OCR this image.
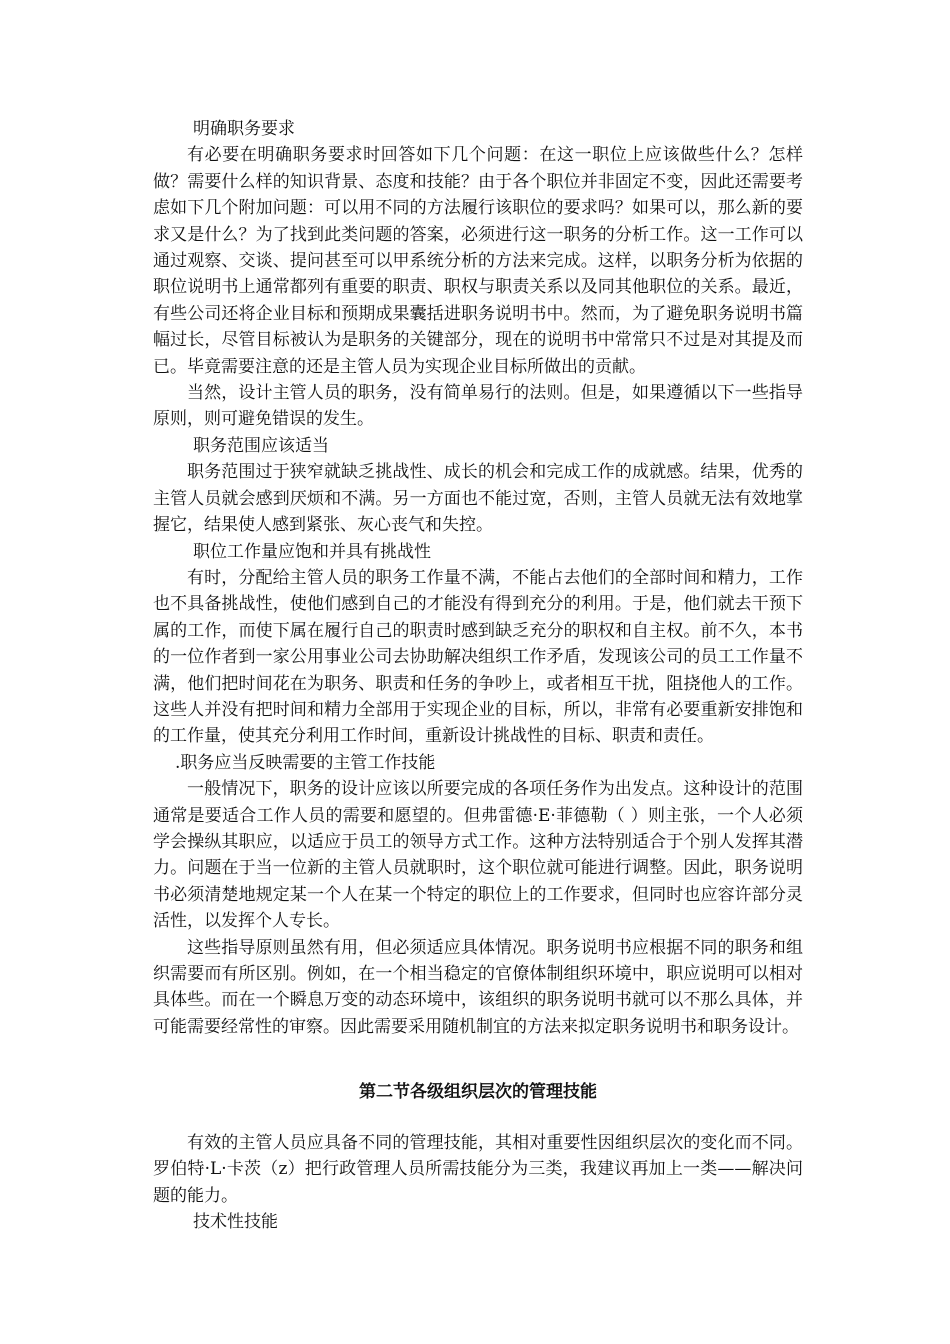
明确职务要求

有必要在明确职务要求时回答如下几个问题：在这一职位上应该做些什么？怎样做？需要什么样的知识背景、态度和技能？由于各个职位并非固定不变，因此还需要考虑如下几个附加问题：可以用不同的方法履行该职位的要求吗？如果可以，那么新的要求又是什么？为了找到此类问题的答案，必须进行这一职务的分析工作。这一工作可以通过观察、交谈、提问甚至可以甲系统分析的方法来完成。这样，以职务分析为依据的职位说明书上通常都列有重要的职责、职权与职责关系以及同其他职位的关系。最近，有些公司还将企业目标和预期成果囊括进职务说明书中。然而，为了避免职务说明书篇幅过长，尽管目标被认为是职务的关键部分，现在的说明书中常常只不过是对其提及而已。毕竟需要注意的还是主管人员为实现企业目标所做出的贡献。

当然，设计主管人员的职务，没有简单易行的法则。但是，如果遵循以下一些指导原则，则可避免错误的发生。

职务范围应该适当

职务范围过于狭窄就缺乏挑战性、成长的机会和完成工作的成就感。结果，优秀的主管人员就会感到厌烦和不满。另一方面也不能过宽，否则，主管人员就无法有效地掌握它，结果使人感到紧张、灰心丧气和失控。

职位工作量应饱和并具有挑战性

有时，分配给主管人员的职务工作量不满，不能占去他们的全部时间和精力，工作也不具备挑战性，使他们感到自己的才能没有得到充分的利用。于是，他们就去干预下属的工作，而使下属在履行自己的职责时感到缺乏充分的职权和自主权。前不久，本书的一位作者到一家公用事业公司去协助解决组织工作矛盾，发现该公司的员工工作量不满，他们把时间花在为职务、职责和任务的争吵上，或者相互干扰，阻挠他人的工作。这些人并没有把时间和精力全部用于实现企业的目标，所以，非常有必要重新安排饱和的工作量，使其充分利用工作时间，重新设计挑战性的目标、职责和责任。

.职务应当反映需要的主管工作技能

一般情况下，职务的设计应该以所要完成的各项任务作为出发点。这种设计的范围通常是要适合工作人员的需要和愿望的。但弗雷德·E·菲德勒（ ）则主张，一个人必须学会操纵其职应，以适应于员工的领导方式工作。这种方法特别适合于个别人发挥其潜力。问题在于当一位新的主管人员就职时，这个职位就可能进行调整。因此，职务说明书必须清楚地规定某一个人在某一个特定的职位上的工作要求，但同时也应容许部分灵活性，以发挥个人专长。

这些指导原则虽然有用，但必须适应具体情况。职务说明书应根据不同的职务和组织需要而有所区别。例如，在一个相当稳定的官僚体制组织环境中，职应说明可以相对具体些。而在一个瞬息万变的动态环境中，该组织的职务说明书就可以不那么具体，并可能需要经常性的审察。因此需要采用随机制宜的方法来拟定职务说明书和职务设计。

第二节各级组织层次的管理技能

有效的主管人员应具备不同的管理技能，其相对重要性因组织层次的变化而不同。罗伯特·L·卡茨（z）把行政管理人员所需技能分为三类，我建议再加上一类——解决问题的能力。

技术性技能
